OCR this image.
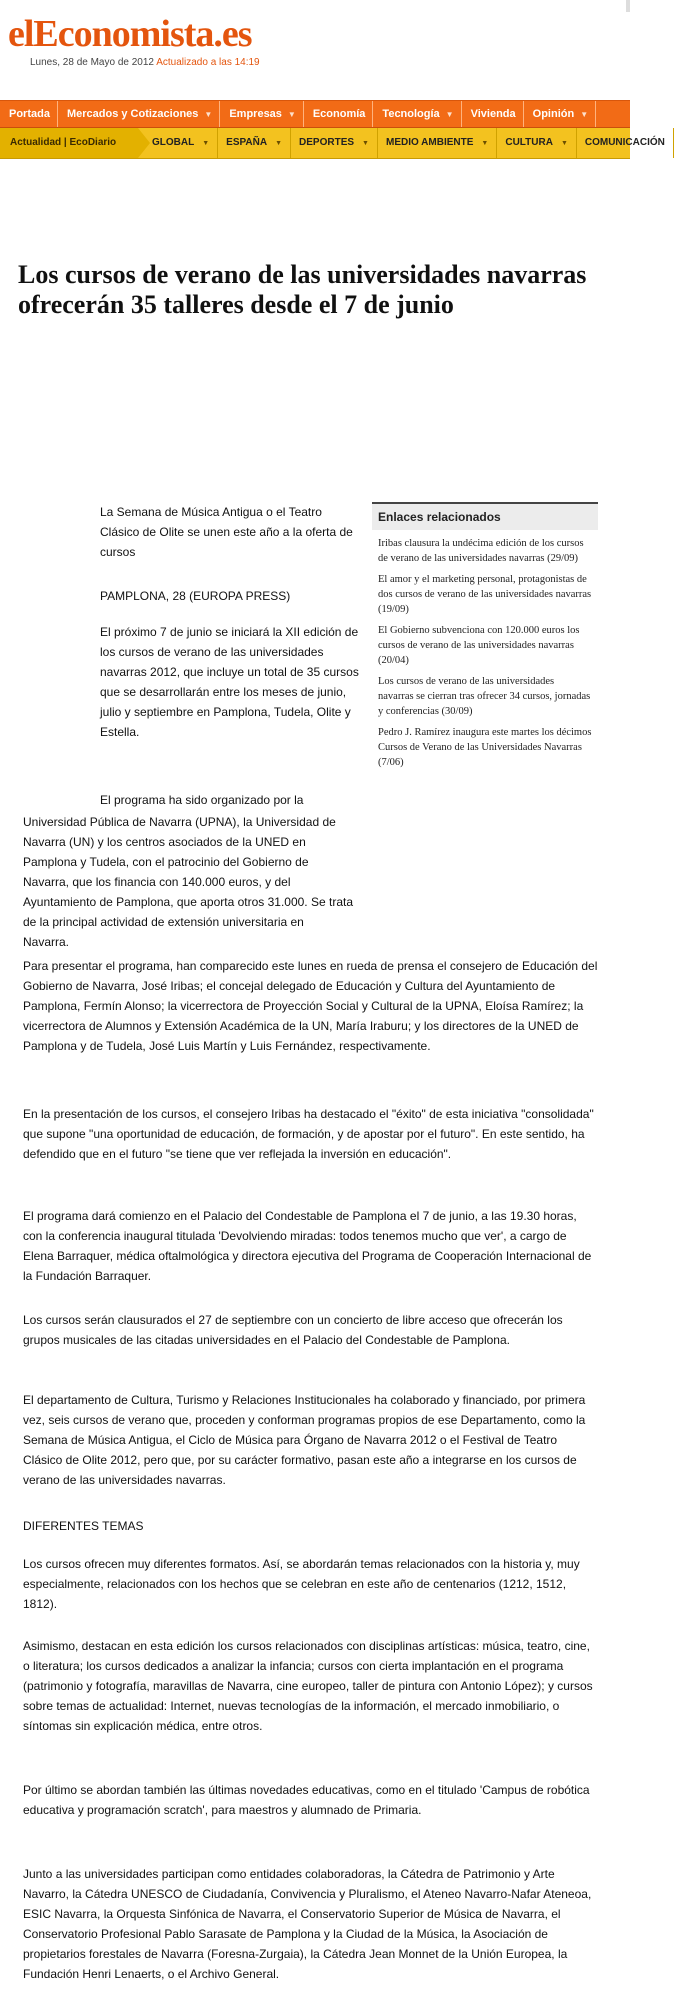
elEconomista.es
Lunes, 28 de Mayo de 2012 Actualizado a las 14:19
Portada	Mercados y Cotizaciones ▼	Empresas ▼	Economía	Tecnología ▼	Vivienda	Opinión ▼
Actualidad | EcoDiario	GLOBAL ▼	ESPAÑA ▼	DEPORTES ▼	MEDIO AMBIENTE ▼	CULTURA ▼	COMUNICACIÓN
Los cursos de verano de las universidades navarras ofrecerán 35 talleres desde el 7 de junio
Enlaces relacionados
Iribas clausura la undécima edición de los cursos de verano de las universidades navarras (29/09)
El amor y el marketing personal, protagonistas de dos cursos de verano de las universidades navarras (19/09)
El Gobierno subvenciona con 120.000 euros los cursos de verano de las universidades navarras (20/04)
Los cursos de verano de las universidades navarras se cierran tras ofrecer 34 cursos, jornadas y conferencias (30/09)
Pedro J. Ramírez inaugura este martes los décimos Cursos de Verano de las Universidades Navarras (7/06)

La Semana de Música Antigua o el Teatro Clásico de Olite se unen este año a la oferta de cursos

PAMPLONA, 28 (EUROPA PRESS)

El próximo 7 de junio se iniciará la XII edición de los cursos de verano de las universidades navarras 2012, que incluye un total de 35 cursos que se desarrollarán entre los meses de junio, julio y septiembre en Pamplona, Tudela, Olite y Estella.

El programa ha sido organizado por la

Universidad Pública de Navarra (UPNA), la Universidad de Navarra (UN) y los centros asociados de la UNED en Pamplona y Tudela, con el patrocinio del Gobierno de Navarra, que los financia con 140.000 euros, y del Ayuntamiento de Pamplona, que aporta otros 31.000. Se trata de la principal actividad de extensión universitaria en Navarra.

Para presentar el programa, han comparecido este lunes en rueda de prensa el consejero de Educación del Gobierno de Navarra, José Iribas; el concejal delegado de Educación y Cultura del Ayuntamiento de Pamplona, Fermín Alonso; la vicerrectora de Proyección Social y Cultural de la UPNA, Eloísa Ramírez; la vicerrectora de Alumnos y Extensión Académica de la UN, María Iraburu; y los directores de la UNED de Pamplona y de Tudela, José Luis Martín y Luis Fernández, respectivamente.

En la presentación de los cursos, el consejero Iribas ha destacado el "éxito" de esta iniciativa "consolidada" que supone "una oportunidad de educación, de formación, y de apostar por el futuro". En este sentido, ha defendido que en el futuro "se tiene que ver reflejada la inversión en educación".

El programa dará comienzo en el Palacio del Condestable de Pamplona el 7 de junio, a las 19.30 horas, con la conferencia inaugural titulada 'Devolviendo miradas: todos tenemos mucho que ver', a cargo de Elena Barraquer, médica oftalmológica y directora ejecutiva del Programa de Cooperación Internacional de la Fundación Barraquer.

Los cursos serán clausurados el 27 de septiembre con un concierto de libre acceso que ofrecerán los grupos musicales de las citadas universidades en el Palacio del Condestable de Pamplona.

El departamento de Cultura, Turismo y Relaciones Institucionales ha colaborado y financiado, por primera vez, seis cursos de verano que, proceden y conforman programas propios de ese Departamento, como la Semana de Música Antigua, el Ciclo de Música para Órgano de Navarra 2012 o el Festival de Teatro Clásico de Olite 2012, pero que, por su carácter formativo, pasan este año a integrarse en los cursos de verano de las universidades navarras.

DIFERENTES TEMAS

Los cursos ofrecen muy diferentes formatos. Así, se abordarán temas relacionados con la historia y, muy especialmente, relacionados con los hechos que se celebran en este año de centenarios (1212, 1512, 1812).

Asimismo, destacan en esta edición los cursos relacionados con disciplinas artísticas: música, teatro, cine, o literatura; los cursos dedicados a analizar la infancia; cursos con cierta implantación en el programa (patrimonio y fotografía, maravillas de Navarra, cine europeo, taller de pintura con Antonio López); y cursos sobre temas de actualidad: Internet, nuevas tecnologías de la información, el mercado inmobiliario, o síntomas sin explicación médica, entre otros.

Por último se abordan también las últimas novedades educativas, como en el titulado 'Campus de robótica educativa y programación scratch', para maestros y alumnado de Primaria.

Junto a las universidades participan como entidades colaboradoras, la Cátedra de Patrimonio y Arte Navarro, la Cátedra UNESCO de Ciudadanía, Convivencia y Pluralismo, el Ateneo Navarro-Nafar Ateneoa, ESIC Navarra, la Orquesta Sinfónica de Navarra, el Conservatorio Superior de Música de Navarra, el Conservatorio Profesional Pablo Sarasate de Pamplona y la Ciudad de la Música, la Asociación de propietarios forestales de Navarra (Foresna-Zurgaia), la Cátedra Jean Monnet de la Unión Europea, la Fundación Henri Lenaerts, o el Archivo General.
